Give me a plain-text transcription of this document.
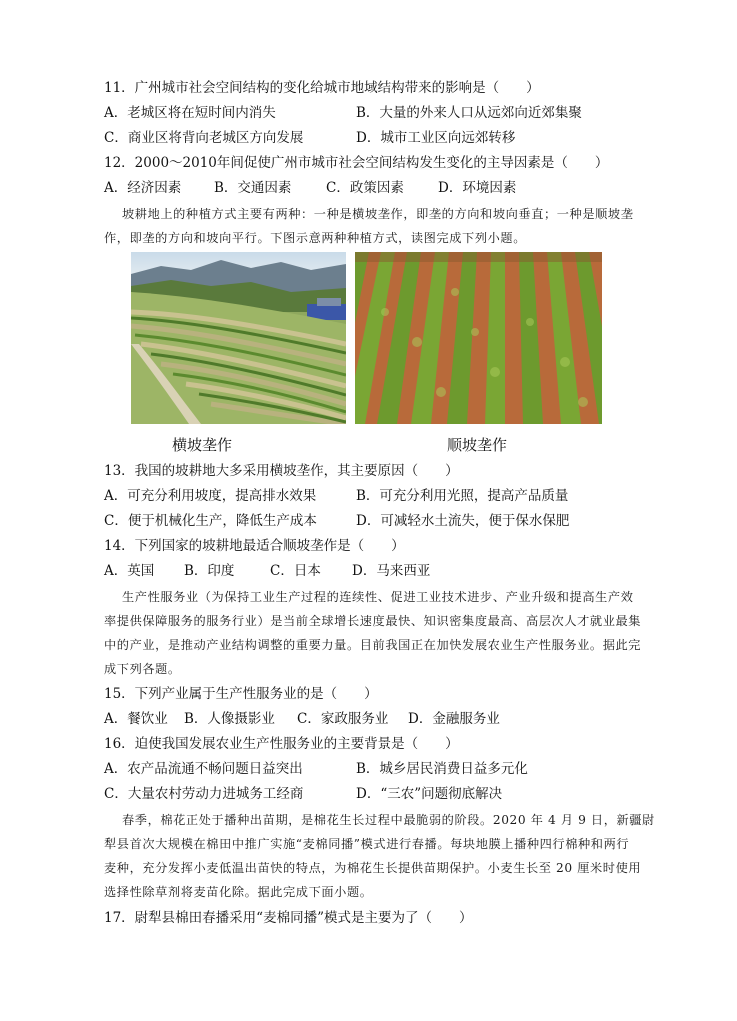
11．广州城市社会空间结构的变化给城市地域结构带来的影响是（　　）
A．老城区将在短时间内消失	B．大量的外来人口从远郊向近郊集聚
C．商业区将背向老城区方向发展	D．城市工业区向远郊转移
12．2000～2010年间促使广州市城市社会空间结构发生变化的主导因素是（　　）
A．经济因素 B．交通因素	C．政策因素	D．环境因素
坡耕地上的种植方式主要有两种：一种是横坡垄作，即垄的方向和坡向垂直；一种是顺坡垄
作，即垄的方向和坡向平行。下图示意两种种植方式，读图完成下列小题。
横坡垄作	顺坡垄作
13．我国的坡耕地大多采用横坡垄作，其主要原因（　　）
A．可充分利用坡度，提高排水效果	B．可充分利用光照，提高产品质量
C．便于机械化生产，降低生产成本	D．可减轻水土流失，便于保水保肥
14．下列国家的坡耕地最适合顺坡垄作是（　　）
A．英国 B．印度	C．日本 D．马来西亚
生产性服务业（为保持工业生产过程的连续性、促进工业技术进步、产业升级和提高生产效
率提供保障服务的服务行业）是当前全球增长速度最快、知识密集度最高、高层次人才就业最集
中的产业，是推动产业结构调整的重要力量。目前我国正在加快发展农业生产性服务业。据此完
成下列各题。
15．下列产业属于生产性服务业的是（　　）
A．餐饮业 B．人像摄影业 C．家政服务业 D．金融服务业
16．迫使我国发展农业生产性服务业的主要背景是（　　）
A．农产品流通不畅问题日益突出	B．城乡居民消费日益多元化
C．大量农村劳动力进城务工经商	D．“三农”问题彻底解决
春季，棉花正处于播种出苗期，是棉花生长过程中最脆弱的阶段。2020 年 4 月 9 日，新疆尉
犁县首次大规模在棉田中推广实施“麦棉同播”模式进行春播。每块地膜上播种四行棉种和两行
麦种，充分发挥小麦低温出苗快的特点，为棉花生长提供苗期保护。小麦生长至 20 厘米时使用
选择性除草剂将麦苗化除。据此完成下面小题。
17．尉犁县棉田春播采用“麦棉同播”模式是主要为了（　　）
